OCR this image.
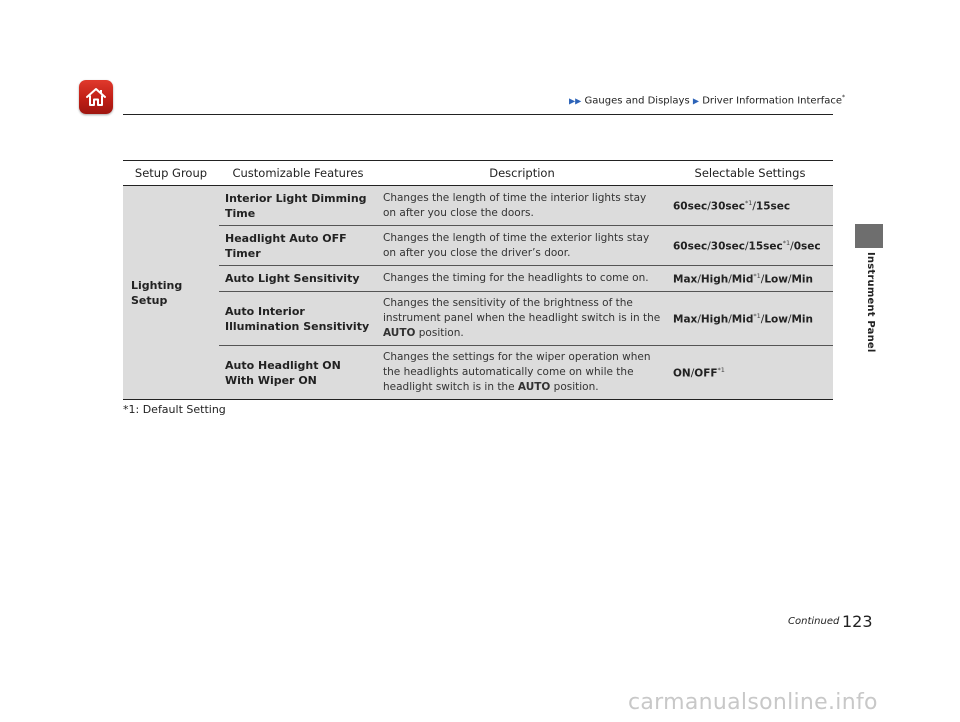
▶▶ Gauges and Displays ▶ Driver Information Interface*
Instrument Panel
Setup Group	Customizable Features	Description	Selectable Settings
Lighting Setup	Interior Light Dimming Time	Changes the length of time the interior lights stay on after you close the doors.	$60\sec/30\sec^{*1}/15\sec$
	Headlight Auto OFF Timer	Changes the length of time the exterior lights stay on after you close the driver’s door.	$60\sec/30\sec/15\sec^{*1}/0\sec$
	Auto Light Sensitivity	Changes the timing for the headlights to come on.	Max/High/Mid$^{*1}$/Low/Min
	Auto Interior Illumination Sensitivity	Changes the sensitivity of the brightness of the instrument panel when the headlight switch is in the AUTO position.	Max/High/Mid$^{*1}$/Low/Min
	Auto Headlight ON With Wiper ON	Changes the settings for the wiper operation when the headlights automatically come on while the headlight switch is in the AUTO position.	ON/OFF$^{*1}$
*1: Default Setting
Continued 123
carmanualsonline.info
